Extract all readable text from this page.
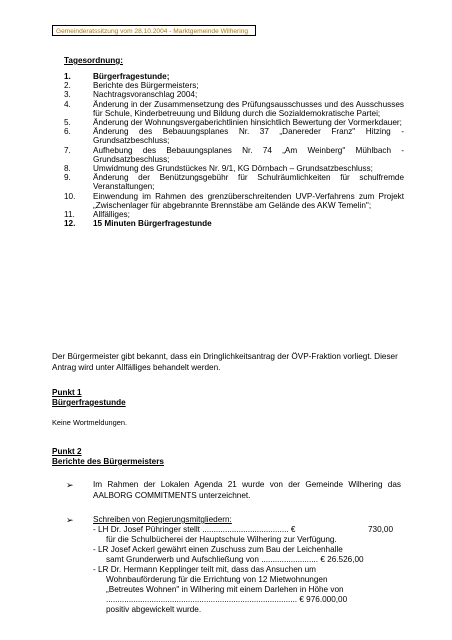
Gemeinderatssitzung vom 28.10.2004 - Marktgemeinde Wilhering
Tagesordnung:
1.	Bürgerfragestunde;
2.	Berichte des Bürgermeisters;
3.	Nachtragsvoranschlag 2004;
4.	Änderung in der Zusammensetzung des Prüfungsausschusses und des Ausschusses für Schule, Kinderbetreuung und Bildung durch die Sozialdemokratische Partei;
5.	Änderung der Wohnungsvergaberichtlinien hinsichtlich Bewertung der Vormerkdauer;
6.	Änderung des Bebauungsplanes Nr. 37 „Danereder Franz" Hitzing - Grundsatzbeschluss;
7.	Aufhebung des Bebauungsplanes Nr. 74 „Am Weinberg" Mühlbach - Grundsatzbeschluss;
8.	Umwidmung des Grundstückes Nr. 9/1, KG Dörnbach – Grundsatzbeschluss;
9.	Änderung der Benützungsgebühr für Schulräumlichkeiten für schulfremde Veranstaltungen;
10.	Einwendung im Rahmen des grenzüberschreitenden UVP-Verfahrens zum Projekt „Zwischenlager für abgebrannte Brennstäbe am Gelände des AKW Temelin";
11.	Allfälliges;
12.	15 Minuten Bürgerfragestunde
Der Bürgermeister gibt bekannt, dass ein Dringlichkeitsantrag der ÖVP-Fraktion vorliegt. Dieser Antrag wird unter Allfälliges behandelt werden.
Punkt 1
Bürgerfragestunde
Keine Wortmeldungen.
Punkt 2
Berichte des Bürgermeisters
➢ Im Rahmen der Lokalen Agenda 21 wurde von der Gemeinde Wilhering das AALBORG COMMITMENTS unterzeichnet.
➢ Schreiben von Regierungsmitgliedern:
- LH Dr. Josef Pühringer stellt ...................................... €	730,00
für die Schulbücherei der Hauptschule Wilhering zur Verfügung.
- LR Josef Ackerl gewährt einen Zuschuss zum Bau der Leichenhalle
samt Grunderwerb und Aufschließung von ......................... € 26.526,00
- LR Dr. Hermann Kepplinger teilt mit, dass das Ansuchen um
Wohnbauförderung für die Errichtung von 12 Mietwohnungen
„Betreutes Wohnen" in Wilhering mit einem Darlehen in Höhe von
.................................................................................... € 976.000,00
positiv abgewickelt wurde.
